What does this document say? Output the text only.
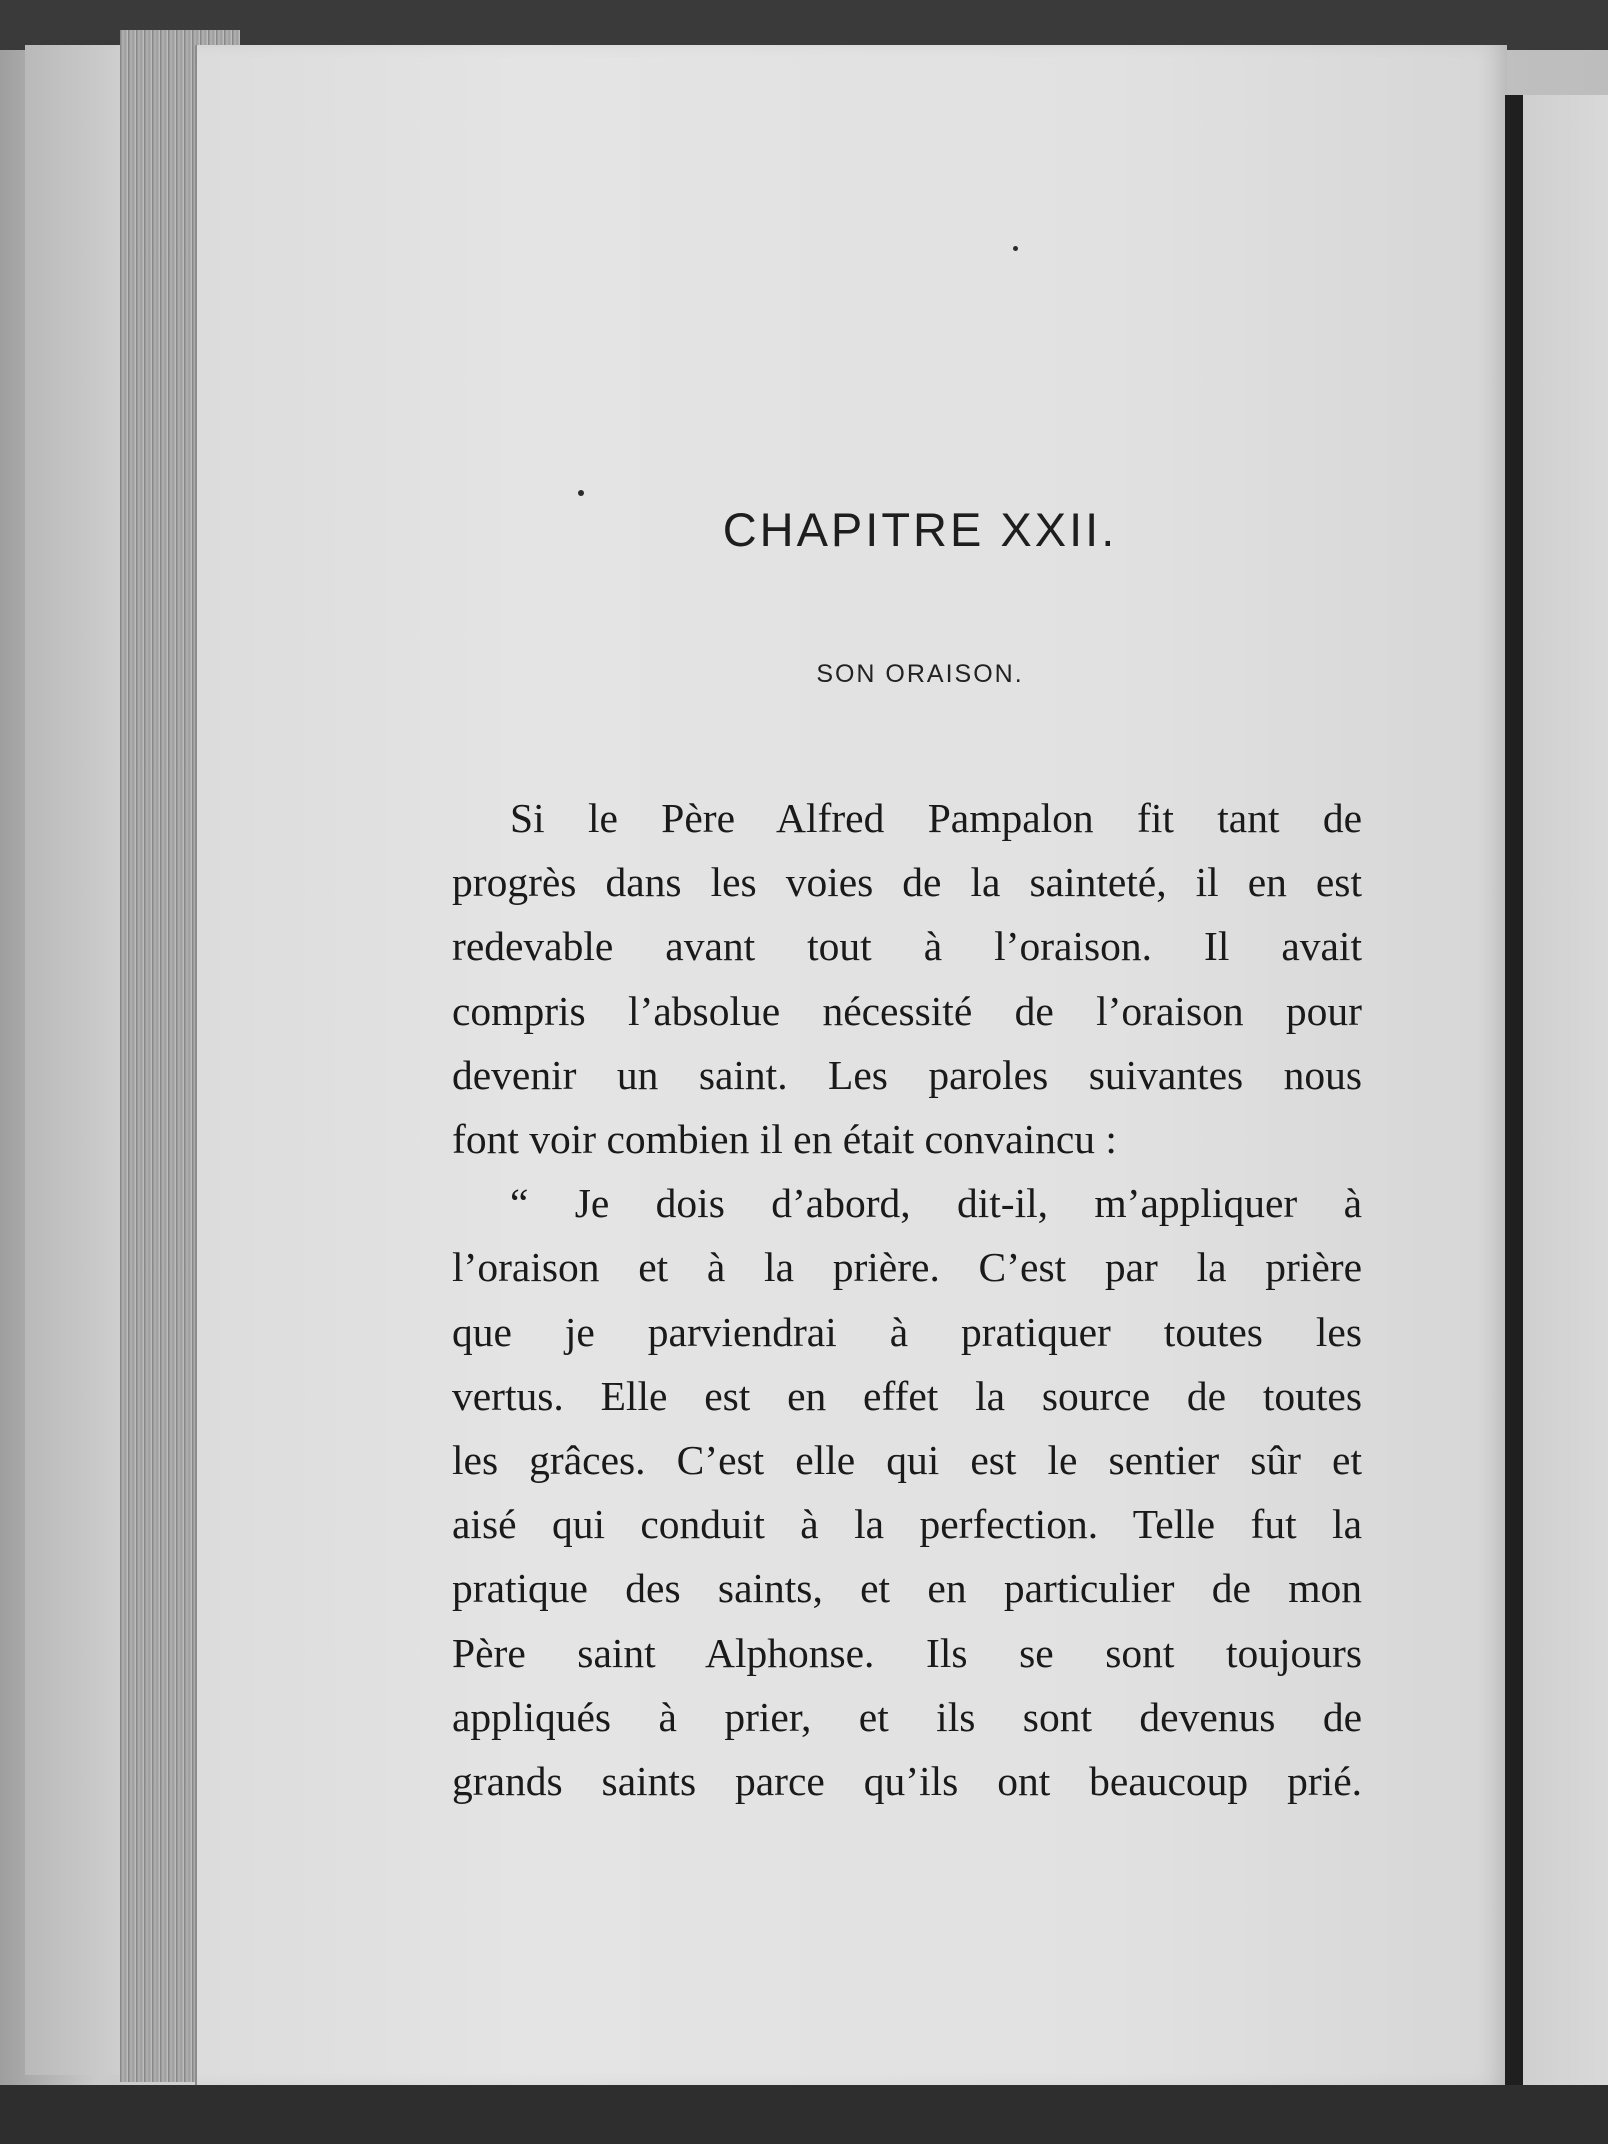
CHAPITRE XXII.
SON ORAISON.
Si le Père Alfred Pampalon fit tant de
progrès dans les voies de la sainteté, il en est
redevable avant tout à l’oraison. Il avait
compris l’absolue nécessité de l’oraison pour
devenir un saint. Les paroles suivantes nous
font voir combien il en était convaincu :
“ Je dois d’abord, dit-il, m’appliquer à
l’oraison et à la prière. C’est par la prière
que je parviendrai à pratiquer toutes les
vertus. Elle est en effet la source de toutes
les grâces. C’est elle qui est le sentier sûr et
aisé qui conduit à la perfection. Telle fut la
pratique des saints, et en particulier de mon
Père saint Alphonse. Ils se sont toujours
appliqués à prier, et ils sont devenus de
grands saints parce qu’ils ont beaucoup prié.
